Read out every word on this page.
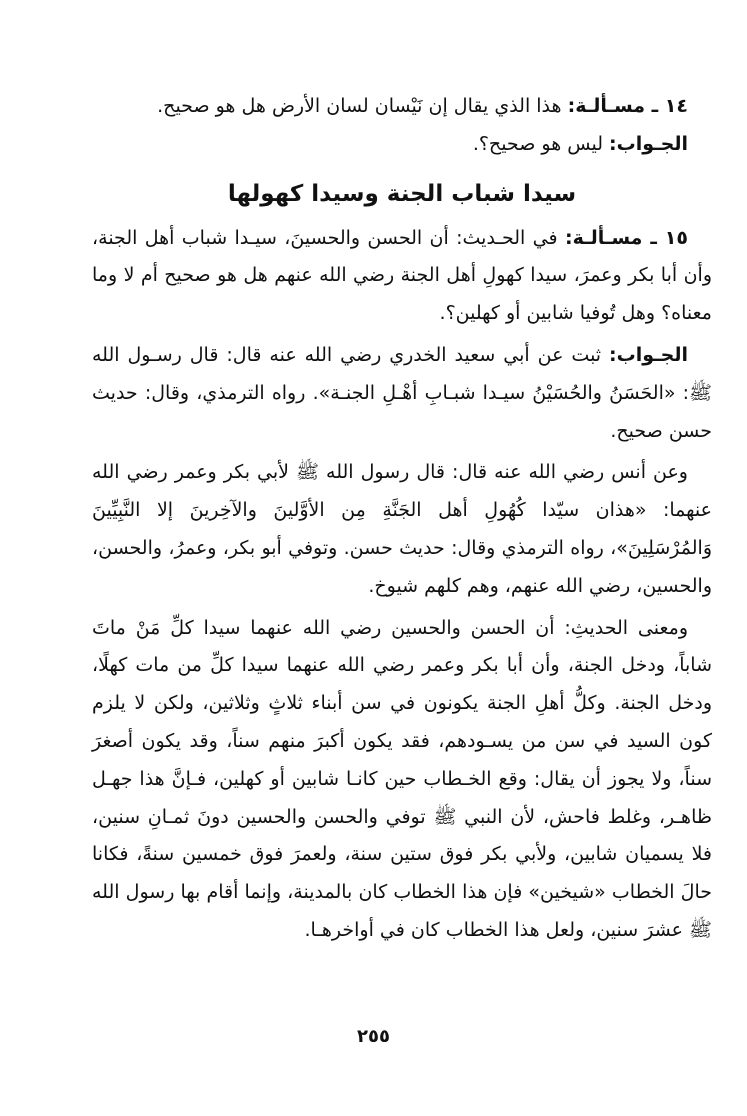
١٤ ـ مسـألـة: هذا الذي يقال إن نَيْسان لسان الأرض هل هو صحيح.

الجـواب: ليس هو صحيح؟.

سيدا شباب الجنة وسيدا كهولها

١٥ ـ مسـألـة: في الحـديث: أن الحسن والحسينَ، سيـدا شباب أهل الجنة، وأن أبا بكر وعمرَ، سيدا كهولِ أهل الجنة رضي الله عنهم هل هو صحيح أم لا وما معناه؟ وهل تُوفيا شابين أو كهلين؟.

الجـواب: ثبت عن أبي سعيد الخدري رضي الله عنه قال: قال رسـول الله ﷺ: «الحَسَنُ والحُسَيْنُ سيـدا شبـابِ أهْـلِ الجنـة». رواه الترمذي، وقال: حديث حسن صحيح.

وعن أنس رضي الله عنه قال: قال رسول الله ﷺ لأبي بكر وعمر رضي الله عنهما: «هذان سيّدا كُهُولِ أهل الجَنَّةِ مِن الأوَّلينَ والآخِرينَ إلا النَّبِيِّينَ وَالمُرْسَلِينَ»، رواه الترمذي وقال: حديث حسن. وتوفي أبو بكر، وعمرُ، والحسن، والحسين، رضي الله عنهم، وهم كلهم شيوخ.

ومعنى الحديثِ: أن الحسن والحسين رضي الله عنهما سيدا كلِّ مَنْ ماتَ شاباً، ودخل الجنة، وأن أبا بكر وعمر رضي الله عنهما سيدا كلِّ من مات كهلًا، ودخل الجنة. وكلُّ أهلِ الجنة يكونون في سن أبناء ثلاثٍ وثلاثين، ولكن لا يلزم كون السيد في سن من يسـودهم، فقد يكون أكبرَ منهم سناً، وقد يكون أصغرَ سناً، ولا يجوز أن يقال: وقع الخـطاب حين كانـا شابين أو كهلين، فـإنَّ هذا جهـل ظاهـر، وغلط فاحش، لأن النبي ﷺ توفي والحسن والحسين دونَ ثمـانِ سنين، فلا يسميان شابين، ولأبي بكر فوق ستين سنة، ولعمرَ فوق خمسين سنةً، فكانا حالَ الخطاب «شيخين» فإن هذا الخطاب كان بالمدينة، وإنما أقام بها رسول الله ﷺ عشرَ سنين، ولعل هذا الخطاب كان في أواخرهـا.

٢٥٥
